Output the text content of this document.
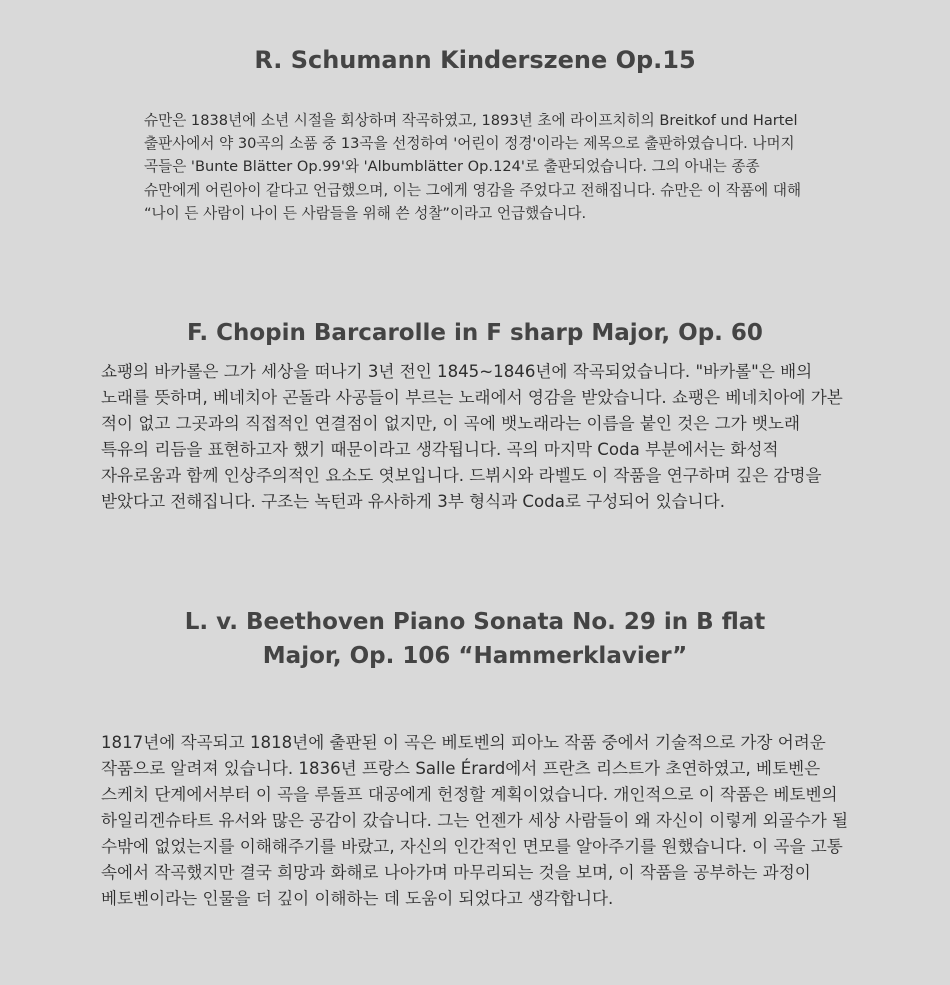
R. Schumann Kinderszene Op.15

슈만은 1838년에 소년 시절을 회상하며 작곡하였고, 1893년 초에 라이프치히의 Breitkof und Hartel 출판사에서 약 30곡의 소품 중 13곡을 선정하여 '어린이 정경'이라는 제목으로 출판하였습니다. 나머지 곡들은 'Bunte Blätter Op.99'와 'Albumblätter Op.124'로 출판되었습니다. 그의 아내는 종종 슈만에게 어린아이 같다고 언급했으며, 이는 그에게 영감을 주었다고 전해집니다. 슈만은 이 작품에 대해 “나이 든 사람이 나이 든 사람들을 위해 쓴 성찰”이라고 언급했습니다.

F. Chopin Barcarolle in F sharp Major, Op. 60

쇼팽의 바카롤은 그가 세상을 떠나기 3년 전인 1845~1846년에 작곡되었습니다. "바카롤"은 배의 노래를 뜻하며, 베네치아 곤돌라 사공들이 부르는 노래에서 영감을 받았습니다. 쇼팽은 베네치아에 가본 적이 없고 그곳과의 직접적인 연결점이 없지만, 이 곡에 뱃노래라는 이름을 붙인 것은 그가 뱃노래 특유의 리듬을 표현하고자 했기 때문이라고 생각됩니다. 곡의 마지막 Coda 부분에서는 화성적 자유로움과 함께 인상주의적인 요소도 엿보입니다. 드뷔시와 라벨도 이 작품을 연구하며 깊은 감명을 받았다고 전해집니다. 구조는 녹턴과 유사하게 3부 형식과 Coda로 구성되어 있습니다.

L. v. Beethoven Piano Sonata No. 29 in B flat Major, Op. 106 “Hammerklavier”

1817년에 작곡되고 1818년에 출판된 이 곡은 베토벤의 피아노 작품 중에서 기술적으로 가장 어려운 작품으로 알려져 있습니다. 1836년 프랑스 Salle Érard에서 프란츠 리스트가 초연하였고, 베토벤은 스케치 단계에서부터 이 곡을 루돌프 대공에게 헌정할 계획이었습니다. 개인적으로 이 작품은 베토벤의 하일리겐슈타트 유서와 많은 공감이 갔습니다. 그는 언젠가 세상 사람들이 왜 자신이 이렇게 외골수가 될 수밖에 없었는지를 이해해주기를 바랐고, 자신의 인간적인 면모를 알아주기를 원했습니다. 이 곡을 고통 속에서 작곡했지만 결국 희망과 화해로 나아가며 마무리되는 것을 보며, 이 작품을 공부하는 과정이 베토벤이라는 인물을 더 깊이 이해하는 데 도움이 되었다고 생각합니다.
